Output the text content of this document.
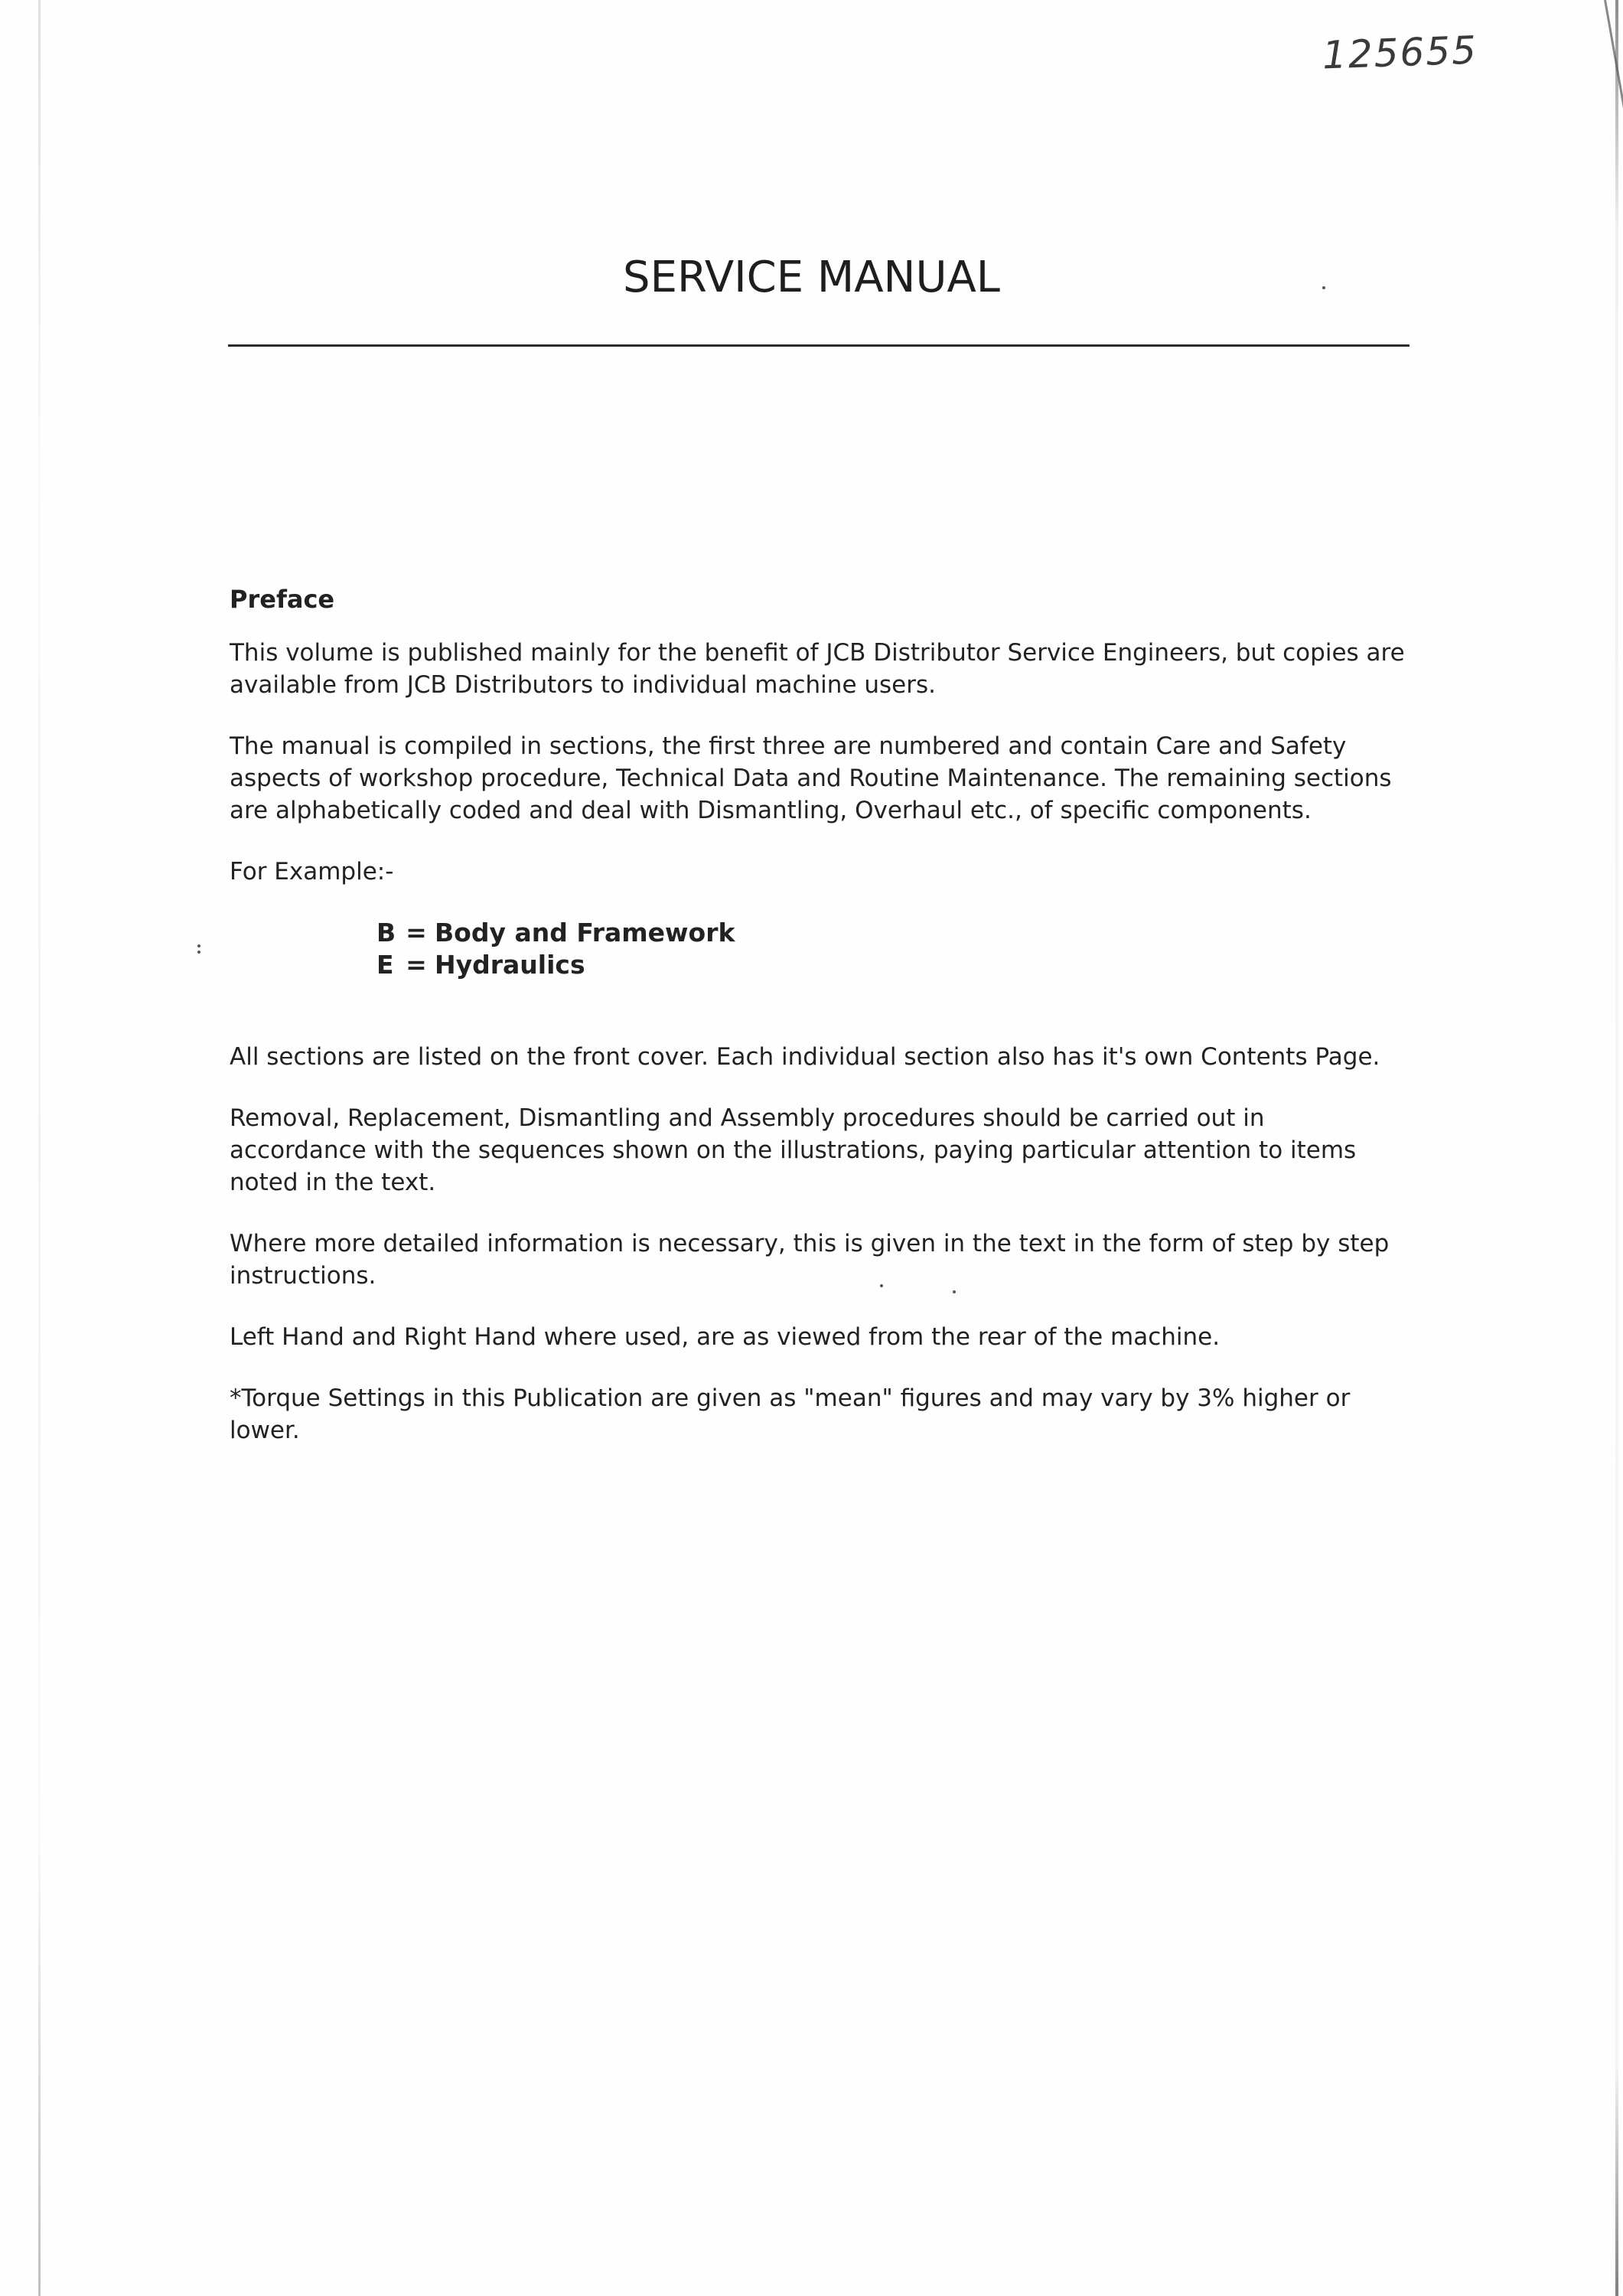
125655
SERVICE MANUAL
Preface

This volume is published mainly for the benefit of JCB Distributor Service Engineers, but copies are available from JCB Distributors to individual machine users.

The manual is compiled in sections, the first three are numbered and contain Care and Safety aspects of workshop procedure, Technical Data and Routine Maintenance. The remaining sections are alphabetically coded and deal with Dismantling, Overhaul etc., of specific components.

For Example:-

B = Body and Framework
E = Hydraulics

All sections are listed on the front cover. Each individual section also has it's own Contents Page.

Removal, Replacement, Dismantling and Assembly procedures should be carried out in accordance with the sequences shown on the illustrations, paying particular attention to items noted in the text.

Where more detailed information is necessary, this is given in the text in the form of step by step instructions.

Left Hand and Right Hand where used, are as viewed from the rear of the machine.

*Torque Settings in this Publication are given as "mean" figures and may vary by 3% higher or lower.
